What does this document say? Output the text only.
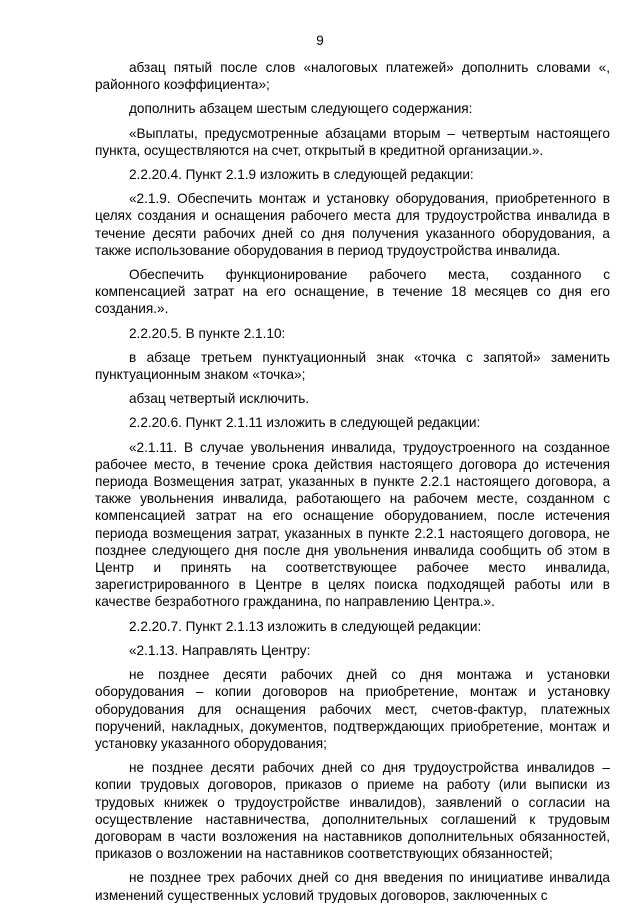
9

абзац пятый после слов «налоговых платежей» дополнить словами «, районного коэффициента»;

дополнить абзацем шестым следующего содержания:

«Выплаты, предусмотренные абзацами вторым – четвертым настоящего пункта, осуществляются на счет, открытый в кредитной организации.».

2.2.20.4. Пункт 2.1.9 изложить в следующей редакции:

«2.1.9. Обеспечить монтаж и установку оборудования, приобретенного в целях создания и оснащения рабочего места для трудоустройства инвалида в течение десяти рабочих дней со дня получения указанного оборудования, а также использование оборудования в период трудоустройства инвалида.

Обеспечить функционирование рабочего места, созданного с компенсацией затрат на его оснащение, в течение 18 месяцев со дня его создания.».

2.2.20.5. В пункте 2.1.10:

в абзаце третьем пунктуационный знак «точка с запятой» заменить пунктуационным знаком «точка»;

абзац четвертый исключить.

2.2.20.6. Пункт 2.1.11 изложить в следующей редакции:

«2.1.11. В случае увольнения инвалида, трудоустроенного на созданное рабочее место, в течение срока действия настоящего договора до истечения периода Возмещения затрат, указанных в пункте 2.2.1 настоящего договора, а также увольнения инвалида, работающего на рабочем месте, созданном с компенсацией затрат на его оснащение оборудованием, после истечения периода возмещения затрат, указанных в пункте 2.2.1 настоящего договора, не позднее следующего дня после дня увольнения инвалида сообщить об этом в Центр и принять на соответствующее рабочее место инвалида, зарегистрированного в Центре в целях поиска подходящей работы или в качестве безработного гражданина, по направлению Центра.».

2.2.20.7. Пункт 2.1.13 изложить в следующей редакции:

«2.1.13. Направлять Центру:

не позднее десяти рабочих дней со дня монтажа и установки оборудования – копии договоров на приобретение, монтаж и установку оборудования для оснащения рабочих мест, счетов-фактур, платежных поручений, накладных, документов, подтверждающих приобретение, монтаж и установку указанного оборудования;

не позднее десяти рабочих дней со дня трудоустройства инвалидов – копии трудовых договоров, приказов о приеме на работу (или выписки из трудовых книжек о трудоустройстве инвалидов), заявлений о согласии на осуществление наставничества, дополнительных соглашений к трудовым договорам в части возложения на наставников дополнительных обязанностей, приказов о возложении на наставников соответствующих обязанностей;

не позднее трех рабочих дней со дня введения по инициативе инвалида изменений существенных условий трудовых договоров, заключенных с
